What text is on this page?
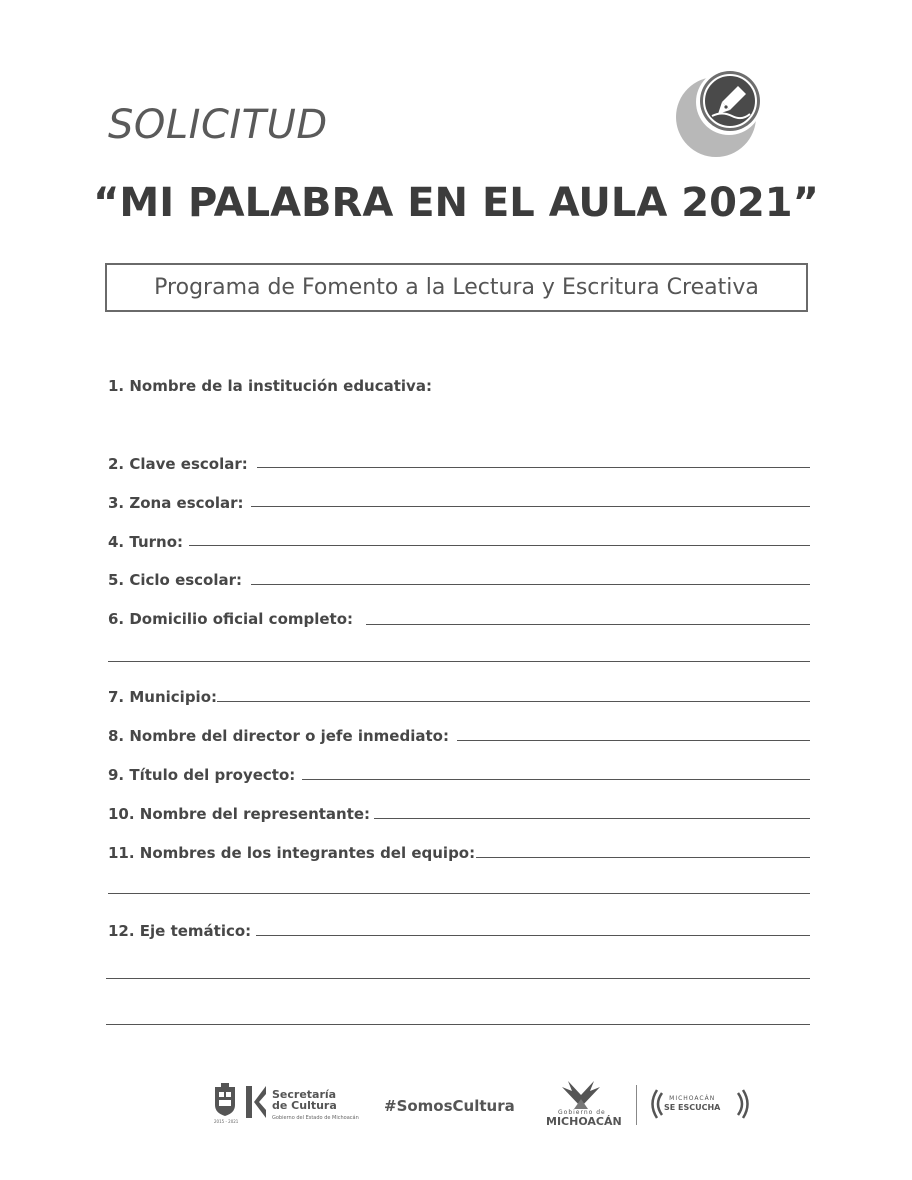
SOLICITUD
“MI PALABRA EN EL AULA 2021”
Programa de Fomento a la Lectura y Escritura Creativa
1. Nombre de la institución educativa:
2. Clave escolar:
3. Zona escolar:
4. Turno:
5. Ciclo escolar:
6. Domicilio oficial completo:
7. Municipio:
8. Nombre del director o jefe inmediato:
9. Título del proyecto:
10. Nombre del representante:
11. Nombres de los integrantes del equipo:
12. Eje temático:
2015 - 2021
Secretaría
de Cultura
Gobierno del Estado de Michoacán
#SomosCultura	Gobierno de
MICHOACÁN
MICHOACÁN
SE ESCUCHA
